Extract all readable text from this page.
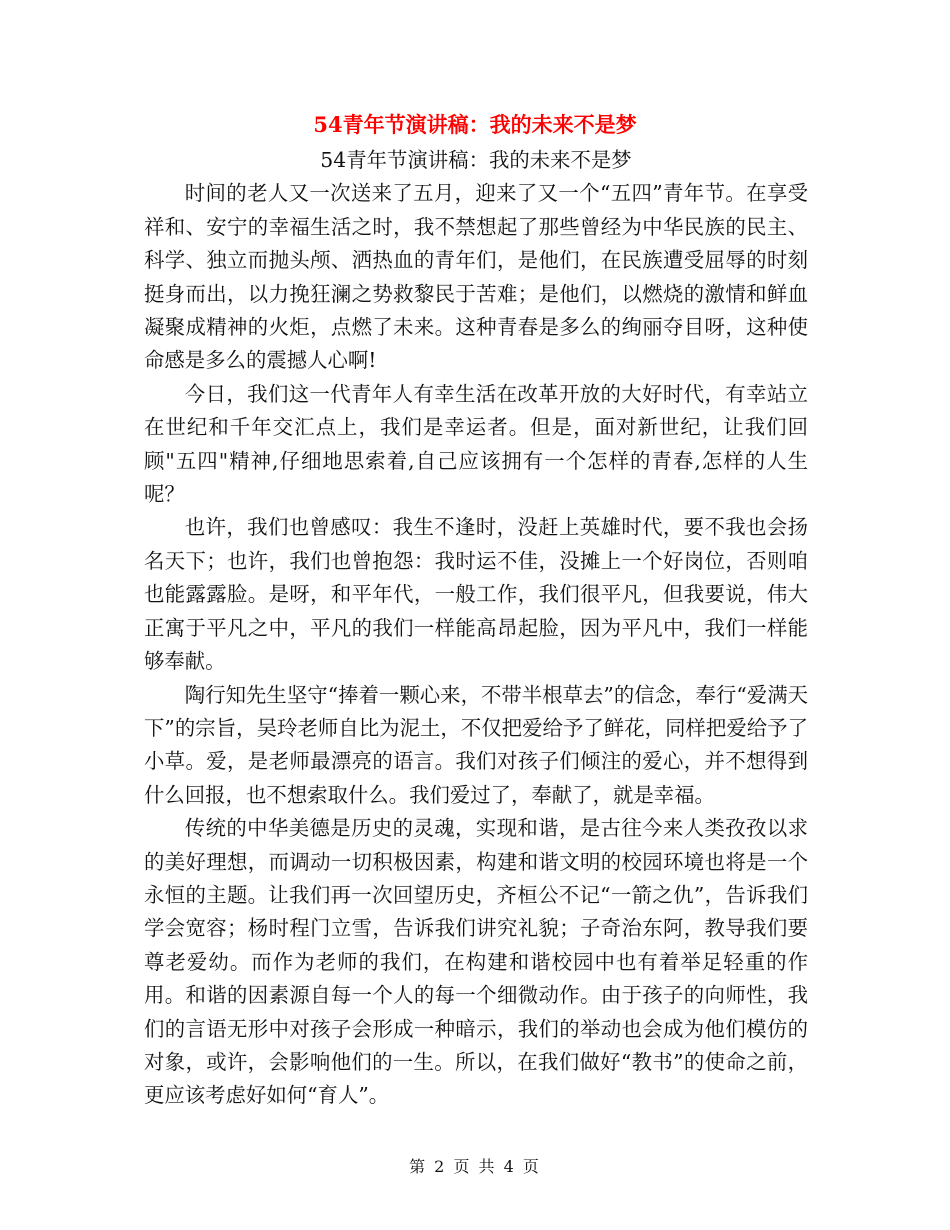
54青年节演讲稿：我的未来不是梦

54青年节演讲稿：我的未来不是梦

时间的老人又一次送来了五月，迎来了又一个“五四”青年节。在享受祥和、安宁的幸福生活之时，我不禁想起了那些曾经为中华民族的民主、科学、独立而抛头颅、洒热血的青年们，是他们，在民族遭受屈辱的时刻挺身而出，以力挽狂澜之势救黎民于苦难；是他们，以燃烧的激情和鲜血凝聚成精神的火炬，点燃了未来。这种青春是多么的绚丽夺目呀，这种使命感是多么的震撼人心啊!

今日，我们这一代青年人有幸生活在改革开放的大好时代，有幸站立在世纪和千年交汇点上，我们是幸运者。但是，面对新世纪，让我们回顾"五四"精神,仔细地思索着,自己应该拥有一个怎样的青春,怎样的人生呢？

也许，我们也曾感叹：我生不逢时，没赶上英雄时代，要不我也会扬名天下；也许，我们也曾抱怨：我时运不佳，没摊上一个好岗位，否则咱也能露露脸。是呀，和平年代，一般工作，我们很平凡，但我要说，伟大正寓于平凡之中，平凡的我们一样能高昂起脸，因为平凡中，我们一样能够奉献。

陶行知先生坚守“捧着一颗心来，不带半根草去”的信念，奉行“爱满天下”的宗旨，吴玲老师自比为泥土，不仅把爱给予了鲜花，同样把爱给予了小草。爱，是老师最漂亮的语言。我们对孩子们倾注的爱心，并不想得到什么回报，也不想索取什么。我们爱过了，奉献了，就是幸福。

传统的中华美德是历史的灵魂，实现和谐，是古往今来人类孜孜以求的美好理想，而调动一切积极因素，构建和谐文明的校园环境也将是一个永恒的主题。让我们再一次回望历史，齐桓公不记“一箭之仇”，告诉我们学会宽容；杨时程门立雪，告诉我们讲究礼貌；子奇治东阿，教导我们要尊老爱幼。而作为老师的我们，在构建和谐校园中也有着举足轻重的作用。和谐的因素源自每一个人的每一个细微动作。由于孩子的向师性，我们的言语无形中对孩子会形成一种暗示，我们的举动也会成为他们模仿的对象，或许，会影响他们的一生。所以，在我们做好“教书”的使命之前，更应该考虑好如何“育人”。

第 2 页 共 4 页
